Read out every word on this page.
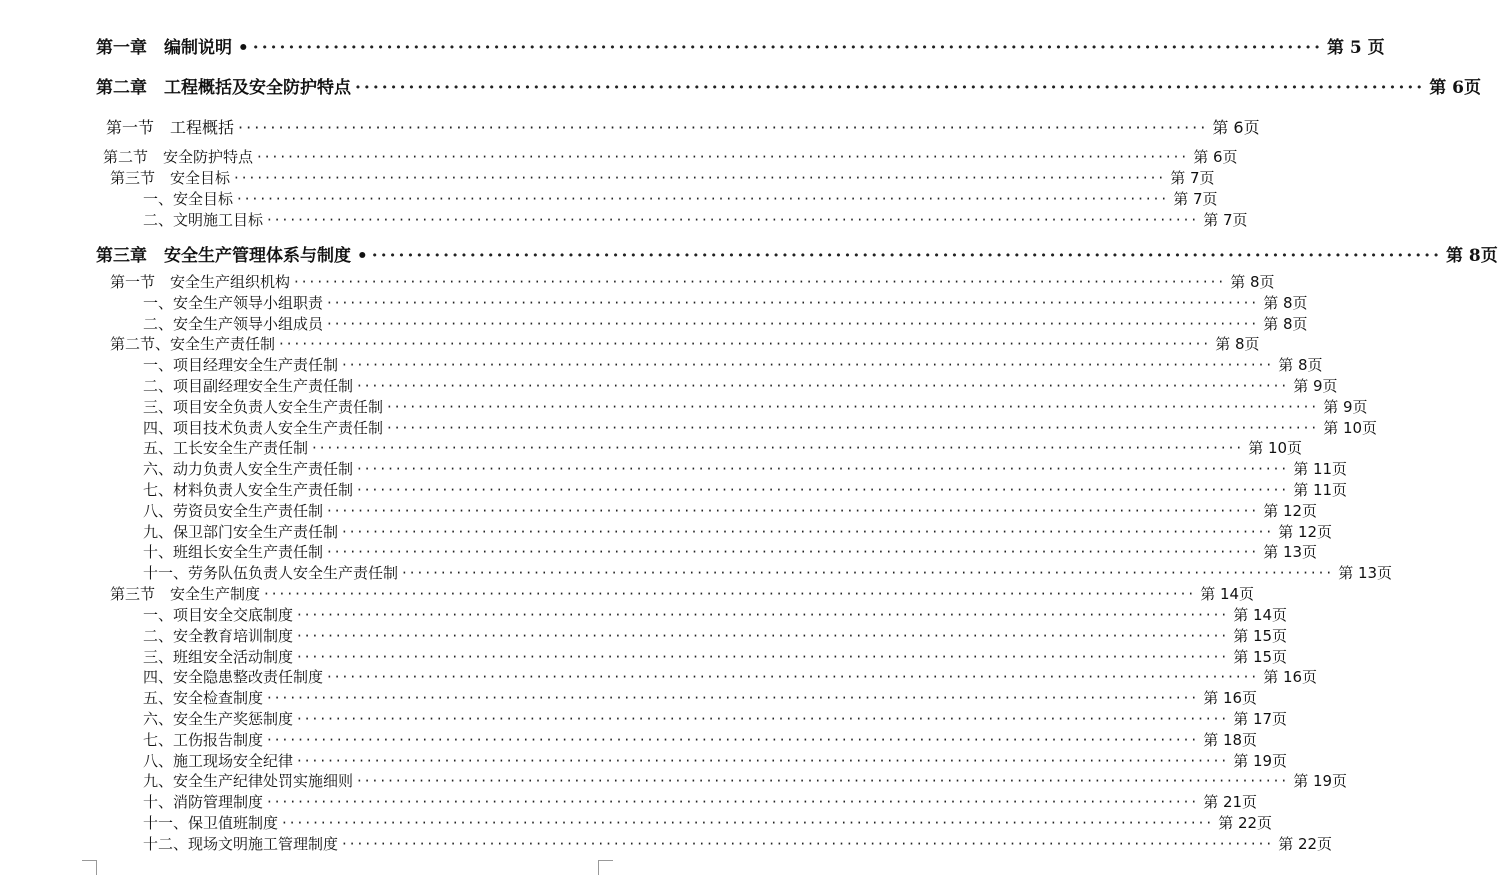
第一章　编制说明 • ························································································································ 第 5 页
第二章　工程概括及安全防护特点 ························································································································ 第 6页
第一节　工程概括 ························································································································ 第 6页
第二节　安全防护特点 ························································································································ 第 6页
第三节　安全目标 ························································································································ 第 7页
一、安全目标 ························································································································ 第 7页
二、文明施工目标 ························································································································ 第 7页
第三章　安全生产管理体系与制度 • ························································································································ 第 8页
第一节　安全生产组织机构 ························································································································ 第 8页
一、安全生产领导小组职责 ························································································································ 第 8页
二、安全生产领导小组成员 ························································································································ 第 8页
第二节、安全生产责任制 ························································································································ 第 8页
一、项目经理安全生产责任制 ························································································································ 第 8页
二、项目副经理安全生产责任制 ························································································································ 第 9页
三、项目安全负责人安全生产责任制 ························································································································ 第 9页
四、项目技术负责人安全生产责任制 ························································································································ 第 10页
五、工长安全生产责任制 ························································································································ 第 10页
六、动力负责人安全生产责任制 ························································································································ 第 11页
七、材料负责人安全生产责任制 ························································································································ 第 11页
八、劳资员安全生产责任制 ························································································································ 第 12页
九、保卫部门安全生产责任制 ························································································································ 第 12页
十、班组长安全生产责任制 ························································································································ 第 13页
十一、劳务队伍负责人安全生产责任制 ························································································································ 第 13页
第三节　安全生产制度 ························································································································ 第 14页
一、项目安全交底制度 ························································································································ 第 14页
二、安全教育培训制度 ························································································································ 第 15页
三、班组安全活动制度 ························································································································ 第 15页
四、安全隐患整改责任制度 ························································································································ 第 16页
五、安全检查制度 ························································································································ 第 16页
六、安全生产奖惩制度 ························································································································ 第 17页
七、工伤报告制度 ························································································································ 第 18页
八、施工现场安全纪律 ························································································································ 第 19页
九、安全生产纪律处罚实施细则 ························································································································ 第 19页
十、消防管理制度 ························································································································ 第 21页
十一、保卫值班制度 ························································································································ 第 22页
十二、现场文明施工管理制度 ························································································································ 第 22页
